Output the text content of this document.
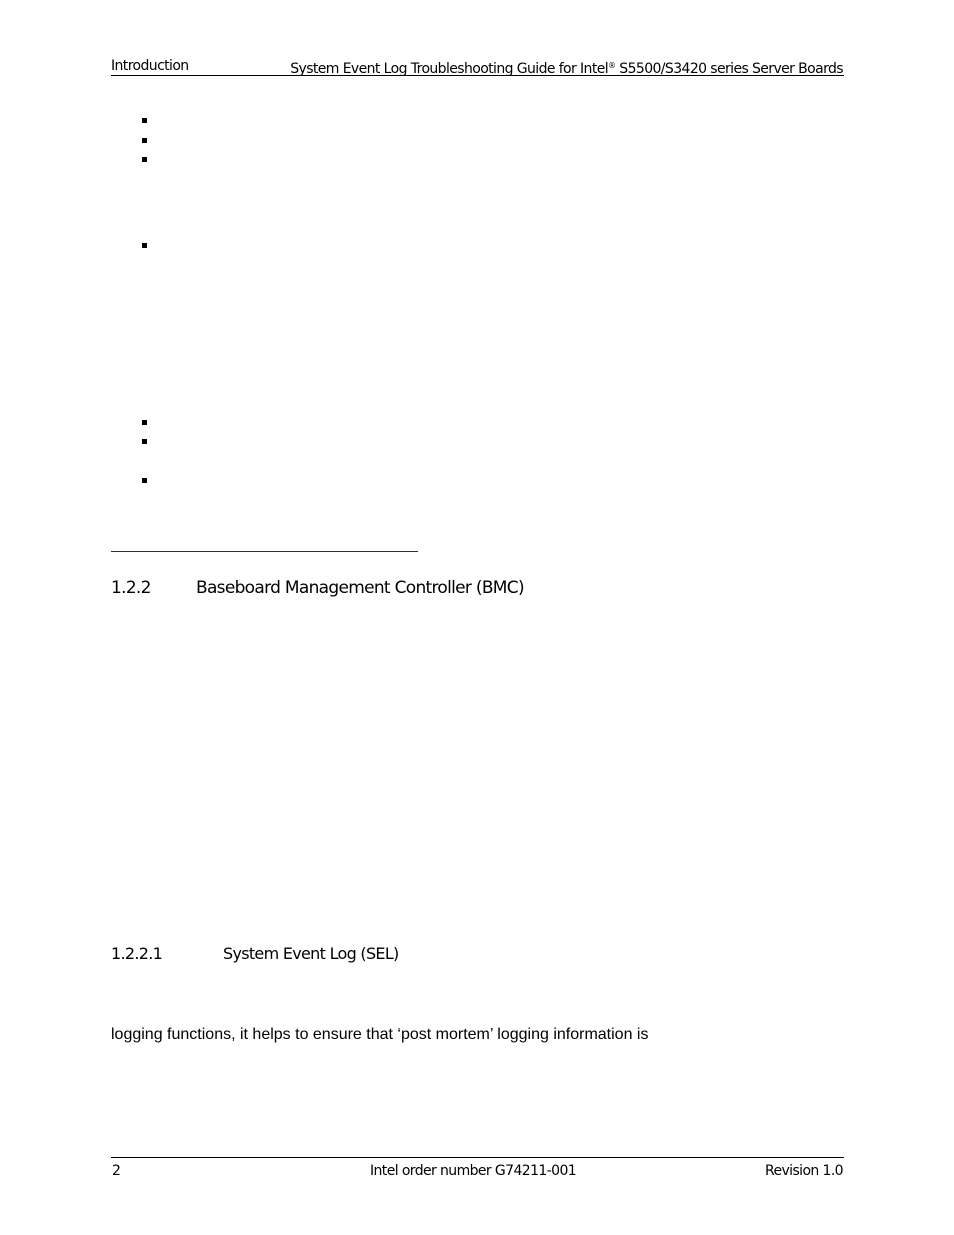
Introduction	System Event Log Troubleshooting Guide for Intel® S5500/S3420 series Server Boards
1.2.2	Baseboard Management Controller (BMC)
1.2.2.1	System Event Log (SEL)
logging functions, it helps to ensure that ‘post mortem’ logging information is
2	Intel order number G74211-001	Revision 1.0
